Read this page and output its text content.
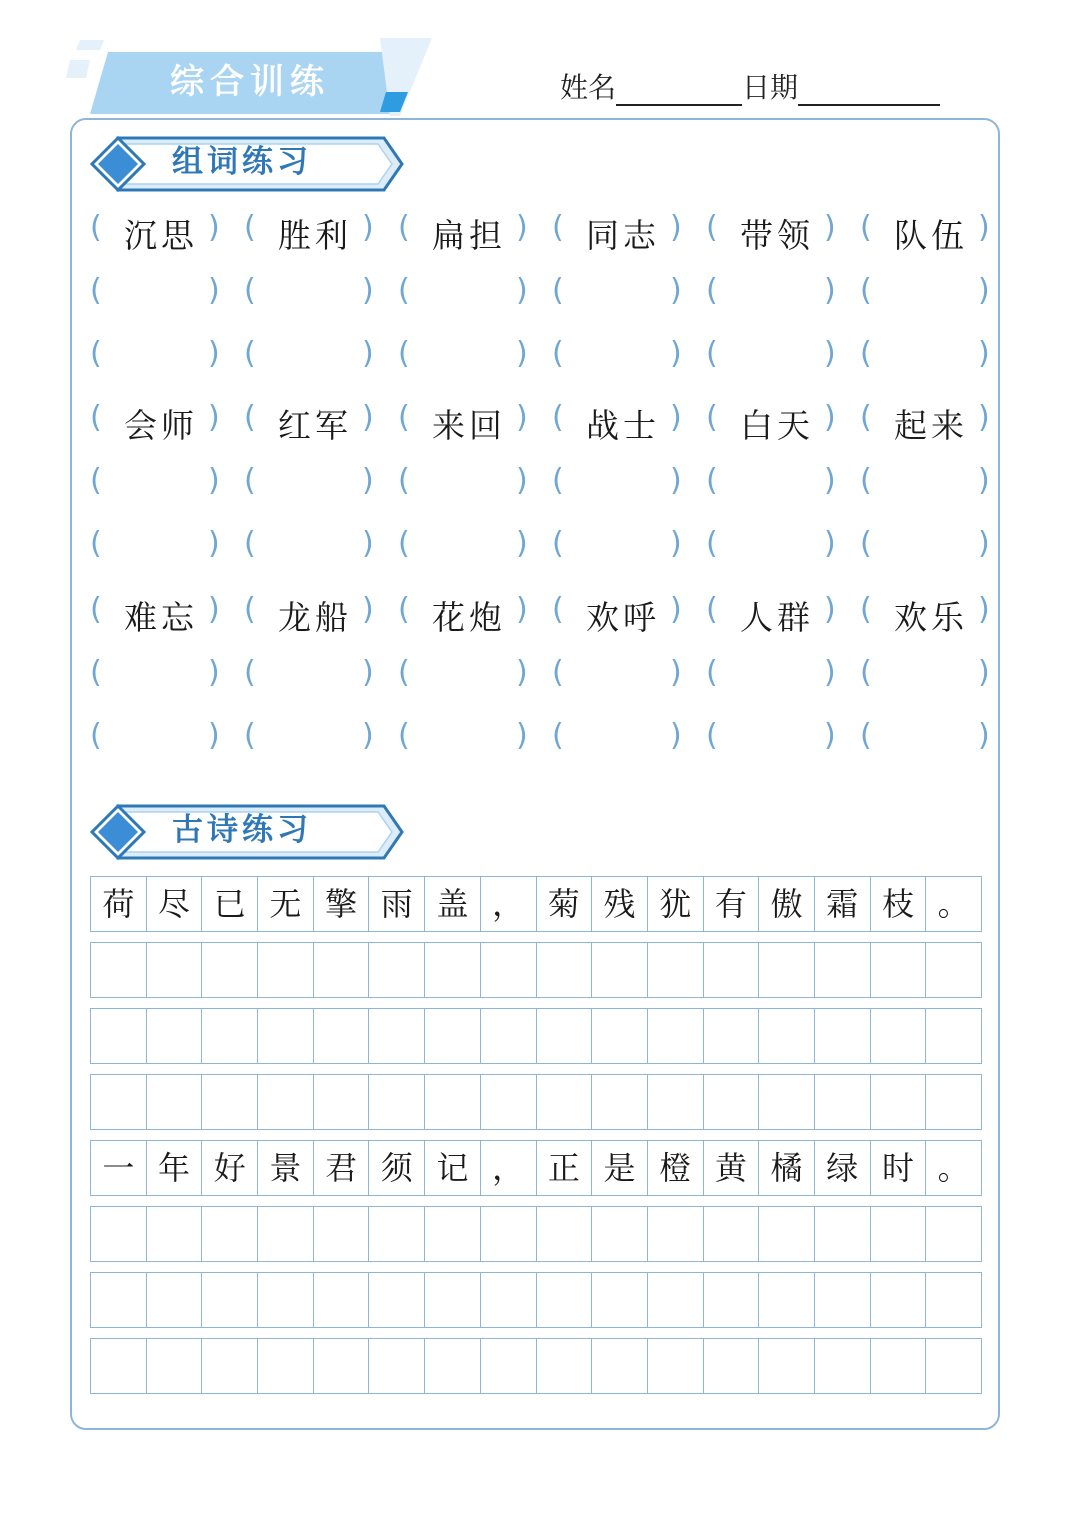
综合训练	姓名	日期
组词练习
( 沉思 ) ( 胜利 ) ( 扁担 ) ( 同志 ) ( 带领 ) ( 队伍 )
(	) (	) (	) (	) (	) (	)
(	) (	) (	) (	) (	) (	)
( 会师 ) ( 红军 ) ( 来回 ) ( 战士 ) ( 白天 ) ( 起来 )
(	) (	) (	) (	) (	) (	)
(	) (	) (	) (	) (	) (	)
( 难忘 ) ( 龙船 ) ( 花炮 ) ( 欢呼 ) ( 人群 ) ( 欢乐 )
(	) (	) (	) (	) (	) (	)
(	) (	) (	) (	) (	) (	)
古诗练习
荷 尽 已 无 擎 雨 盖 ， 菊 残 犹 有 傲 霜 枝 。
一 年 好 景 君 须 记 ， 正 是 橙 黄 橘 绿 时 。
